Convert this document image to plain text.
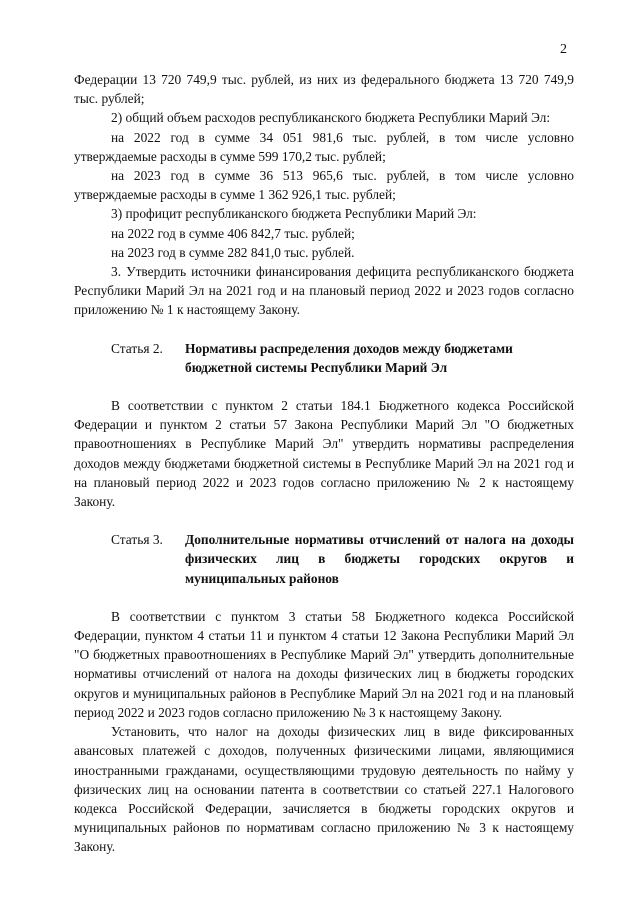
2

Федерации 13 720 749,9 тыс. рублей, из них из федерального бюджета 13 720 749,9 тыс. рублей;

2) общий объем расходов республиканского бюджета Республики Марий Эл:

на 2022 год в сумме 34 051 981,6 тыс. рублей, в том числе условно утверждаемые расходы в сумме 599 170,2 тыс. рублей;

на 2023 год в сумме 36 513 965,6 тыс. рублей, в том числе условно утверждаемые расходы в сумме 1 362 926,1 тыс. рублей;

3) профицит республиканского бюджета Республики Марий Эл:

на 2022 год в сумме 406 842,7 тыс. рублей;

на 2023 год в сумме 282 841,0 тыс. рублей.

3. Утвердить источники финансирования дефицита республиканского бюджета Республики Марий Эл на 2021 год и на плановый период 2022 и 2023 годов согласно приложению № 1 к настоящему Закону.

Статья 2.	Нормативы распределения доходов между бюджетами бюджетной системы Республики Марий Эл

В соответствии с пунктом 2 статьи 184.1 Бюджетного кодекса Российской Федерации и пунктом 2 статьи 57 Закона Республики Марий Эл "О бюджетных правоотношениях в Республике Марий Эл" утвердить нормативы распределения доходов между бюджетами бюджетной системы в Республике Марий Эл на 2021 год и на плановый период 2022 и 2023 годов согласно приложению № 2 к настоящему Закону.

Статья 3.	Дополнительные нормативы отчислений от налога на доходы физических лиц в бюджеты городских округов и муниципальных районов

В соответствии с пунктом 3 статьи 58 Бюджетного кодекса Российской Федерации, пунктом 4 статьи 11 и пунктом 4 статьи 12 Закона Республики Марий Эл "О бюджетных правоотношениях в Республике Марий Эл" утвердить дополнительные нормативы отчислений от налога на доходы физических лиц в бюджеты городских округов и муниципальных районов в Республике Марий Эл на 2021 год и на плановый период 2022 и 2023 годов согласно приложению № 3 к настоящему Закону.

Установить, что налог на доходы физических лиц в виде фиксированных авансовых платежей с доходов, полученных физическими лицами, являющимися иностранными гражданами, осуществляющими трудовую деятельность по найму у физических лиц на основании патента в соответствии со статьей 227.1 Налогового кодекса Российской Федерации, зачисляется в бюджеты городских округов и муниципальных районов по нормативам согласно приложению № 3 к настоящему Закону.
